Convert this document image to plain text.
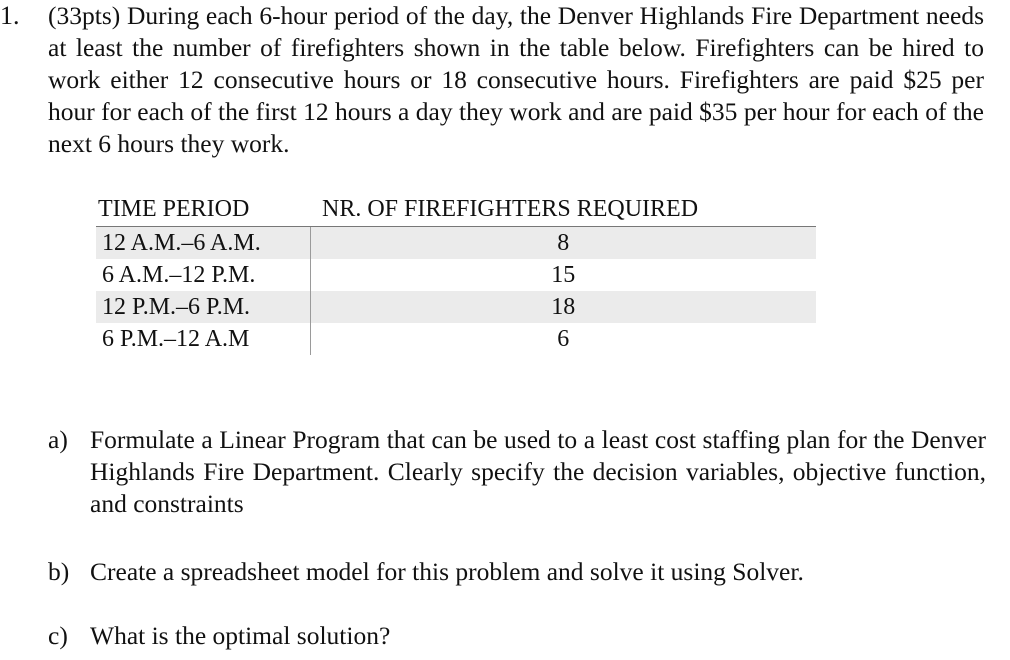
1. (33pts) During each 6-hour period of the day, the Denver Highlands Fire Department needs at least the number of firefighters shown in the table below. Firefighters can be hired to work either 12 consecutive hours or 18 consecutive hours. Firefighters are paid $25 per hour for each of the first 12 hours a day they work and are paid $35 per hour for each of the next 6 hours they work.
TIME PERIOD	NR. OF FIREFIGHTERS REQUIRED
12 A.M.–6 A.M.	8
6 A.M.–12 P.M.	15
12 P.M.–6 P.M.	18
6 P.M.–12 A.M	6
a) Formulate a Linear Program that can be used to a least cost staffing plan for the Denver Highlands Fire Department. Clearly specify the decision variables, objective function, and constraints
b) Create a spreadsheet model for this problem and solve it using Solver.
c) What is the optimal solution?
